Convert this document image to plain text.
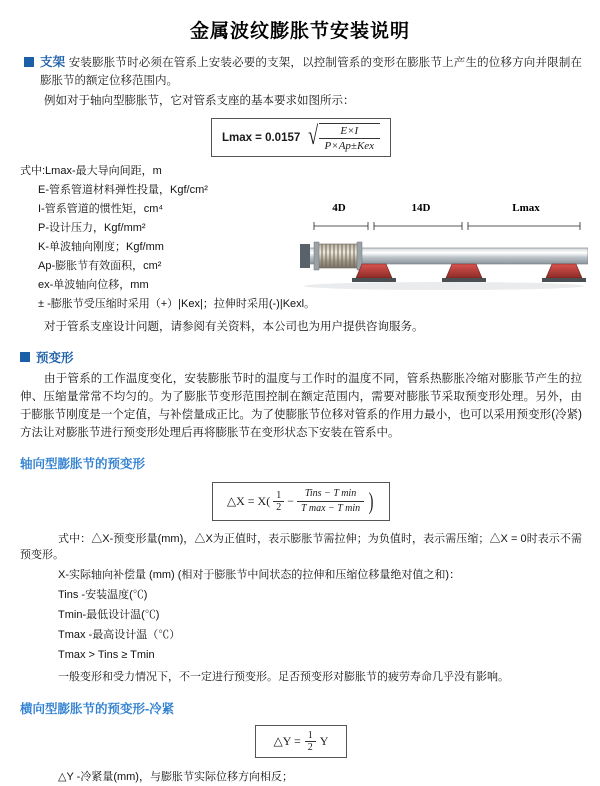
金属波纹膨胀节安装说明
支架 安装膨胀节时必须在管系上安装必要的支架，以控制管系的变形在膨胀节上产生的位移方向并限制在膨胀节的额定位移范围内。

例如对于轴向型膨胀节，它对管系支座的基本要求如图所示：

Lmax = 0.0157 √ $\frac{E\times I}{\text{P×Ap±Kex}}$

式中:Lmax-最大导向间距，m

E-管系管道材料弹性投量，Kgf/cm²

I-管系管道的惯性矩，cm⁴

P-设计压力，Kgf/mm²

K-单波轴向刚度；Kgf/mm

Ap-膨胀节有效面积，cm²

ex-单波轴向位移，mm

± -膨胀节受压缩时采用（+）|Kex|；拉伸时采用(-)|Kexl。

对于管系支座设计问题，请参阅有关资料，本公司也为用户提供咨询服务。

预变形

由于管系的工作温度变化，安装膨胀节时的温度与工作时的温度不同，管系热膨胀冷缩对膨胀节产生的拉伸、压缩量常常不均匀的。为了膨胀节变形范围控制在额定范围内，需要对膨胀节采取预变形处理。另外，由于膨胀节刚度是一个定值，与补偿量成正比。为了使膨胀节位移对管系的作用力最小，也可以采用预变形(冷紧)方法让对膨胀节进行预变形处理后再将膨胀节在变形状态下安装在管系中。

轴向型膨胀节的预变形
△X = X( 1
2 −
Tins − T min
T max − T min )

式中：△X-预变形量(mm)，△X为正值时，表示膨胀节需拉伸；为负值时，表示需压缩；△X = 0时表示不需预变形。

X-实际轴向补偿量 (mm) (相对于膨胀节中间状态的拉伸和压缩位移量绝对值之和)：

Tins -安装温度(℃)

Tmin-最低设计温(℃)

Tmax -最高设计温（℃）

Tmax > Tins ≥ Tmin

一般变形和受力情况下，不一定进行预变形。足否预变形对膨胀节的疲劳寿命几乎没有影响。

横向型膨胀节的预变形-冷紧
△Y = $\frac{1}{2}$ Y

△Y -冷紧量(mm)，与膨胀节实际位移方向相反；

4D	14D	Lmax
